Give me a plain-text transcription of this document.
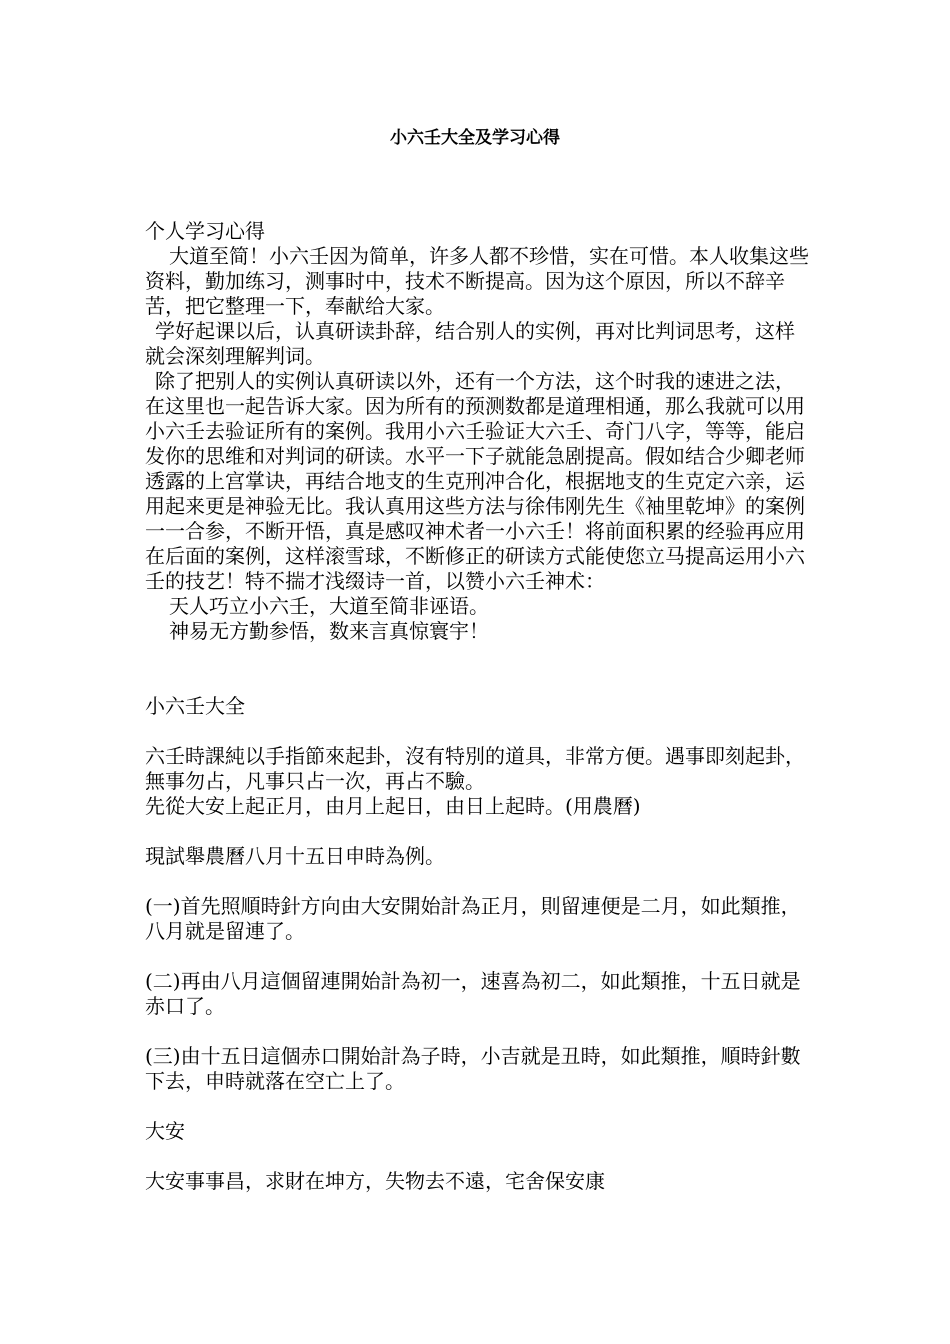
小六壬大全及学习心得

个人学习心得

大道至简！小六壬因为简单，许多人都不珍惜，实在可惜。本人收集这些资料，勤加练习，测事时中，技术不断提高。因为这个原因，所以不辞辛苦，把它整理一下，奉献给大家。

学好起课以后，认真研读卦辞，结合别人的实例，再对比判词思考，这样就会深刻理解判词。

除了把别人的实例认真研读以外，还有一个方法，这个时我的速进之法，在这里也一起告诉大家。因为所有的预测数都是道理相通，那么我就可以用小六壬去验证所有的案例。我用小六壬验证大六壬、奇门八字，等等，能启发你的思维和对判词的研读。水平一下子就能急剧提高。假如结合少卿老师透露的上宫掌诀，再结合地支的生克刑冲合化，根据地支的生克定六亲，运用起来更是神验无比。我认真用这些方法与徐伟刚先生《袖里乾坤》的案例一一合参，不断开悟，真是感叹神术者一小六壬！将前面积累的经验再应用在后面的案例，这样滚雪球，不断修正的研读方式能使您立马提高运用小六壬的技艺！特不揣才浅缀诗一首，以赞小六壬神术：

天人巧立小六壬，大道至简非诬语。

神易无方勤参悟，数来言真惊寰宇！

小六壬大全

六壬時課純以手指節來起卦，沒有特別的道具，非常方便。遇事即刻起卦，無事勿占，凡事只占一次，再占不驗。

先從大安上起正月，由月上起日，由日上起時。(用農曆)

現試舉農曆八月十五日申時為例。

(一)首先照順時針方向由大安開始計為正月，則留連便是二月，如此類推，八月就是留連了。

(二)再由八月這個留連開始計為初一，速喜為初二，如此類推，十五日就是赤口了。

(三)由十五日這個赤口開始計為子時，小吉就是丑時，如此類推，順時針數下去，申時就落在空亡上了。

大安

大安事事昌，求財在坤方，失物去不遠，宅舍保安康
